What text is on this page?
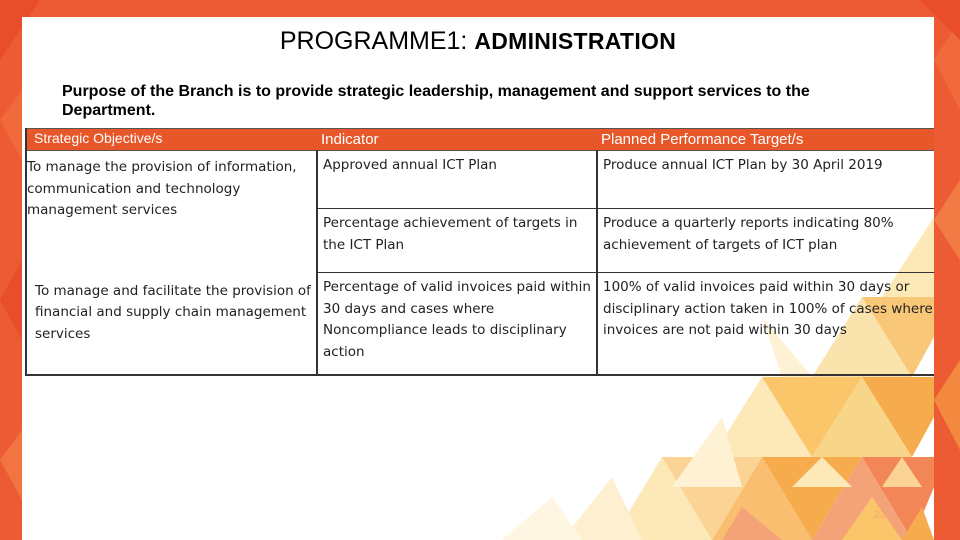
PROGRAMME1: ADMINISTRATION
Purpose of the Branch is to provide strategic leadership, management and support services to the Department.
Strategic Objective/s	Indicator	Planned Performance Target/s
To manage the provision of information, communication and technology management services	Approved annual ICT Plan	Produce annual ICT Plan by 30 April 2019
	Percentage achievement of targets in the ICT Plan	Produce a quarterly reports indicating 80% achievement of targets of ICT plan
To manage and facilitate the provision of financial and supply chain management services	Percentage of valid invoices paid within 30 days and cases where Noncompliance leads to disciplinary action	100% of valid invoices paid within 30 days or disciplinary action taken in 100% of cases where invoices are not paid within 30 days
22
